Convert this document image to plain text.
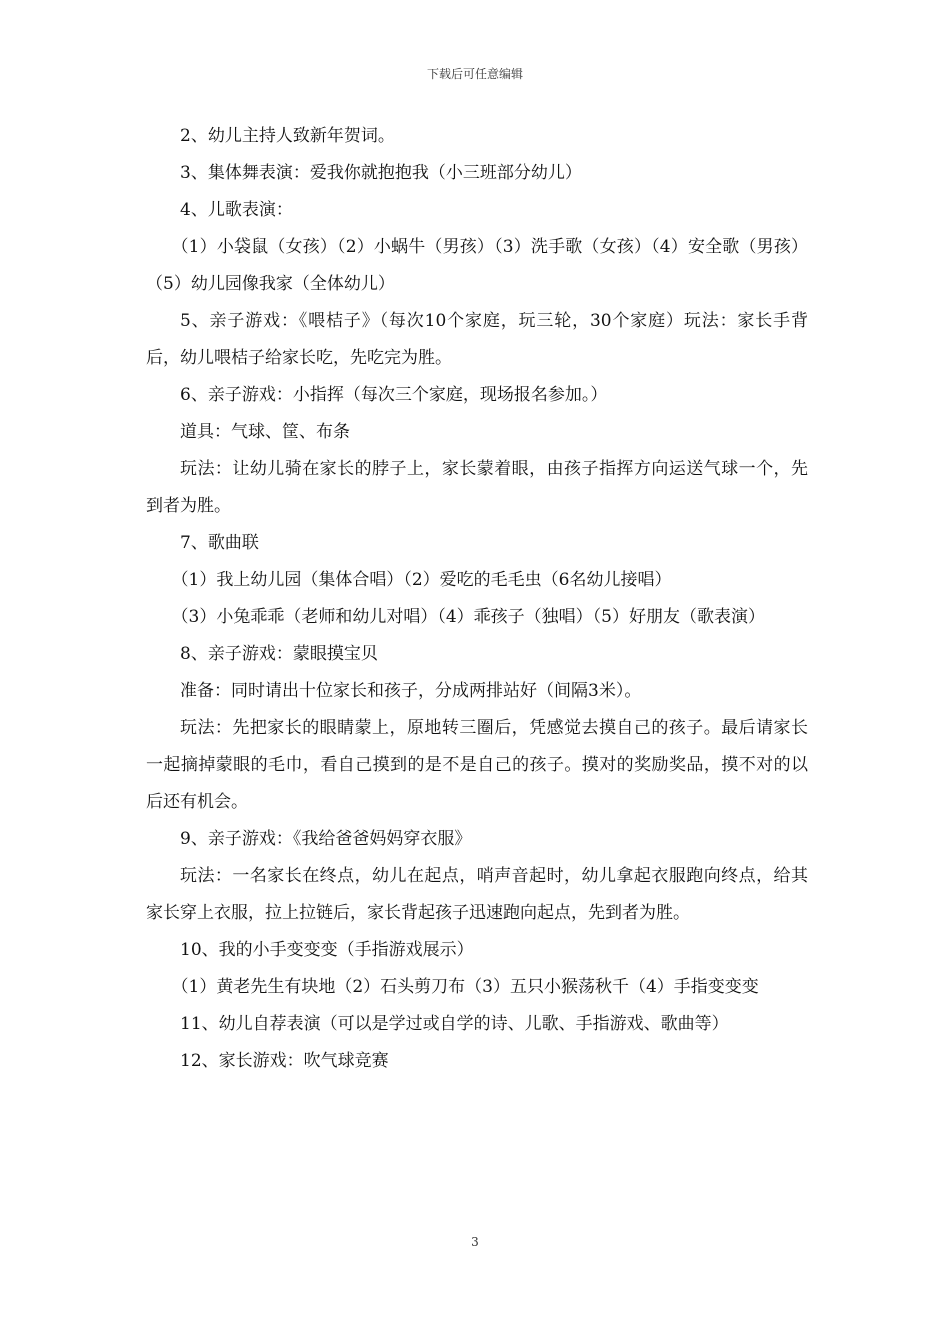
下载后可任意编辑

2、幼儿主持人致新年贺词。

3、集体舞表演：爱我你就抱抱我（小三班部分幼儿）

4、儿歌表演：

（1）小袋鼠（女孩）（2）小蜗牛（男孩）（3）洗手歌（女孩）（4）安全歌（男孩）（5）幼儿园像我家（全体幼儿）

5、亲子游戏：《喂桔子》（每次10个家庭，玩三轮，30个家庭）玩法：家长手背后，幼儿喂桔子给家长吃，先吃完为胜。

6、亲子游戏：小指挥（每次三个家庭，现场报名参加。）

道具：气球、筐、布条

玩法：让幼儿骑在家长的脖子上，家长蒙着眼，由孩子指挥方向运送气球一个，先到者为胜。

7、歌曲联

（1）我上幼儿园（集体合唱）（2）爱吃的毛毛虫（6名幼儿接唱）

（3）小兔乖乖（老师和幼儿对唱）（4）乖孩子（独唱）（5）好朋友（歌表演）

8、亲子游戏：蒙眼摸宝贝

准备：同时请出十位家长和孩子，分成两排站好（间隔3米）。

玩法：先把家长的眼睛蒙上，原地转三圈后，凭感觉去摸自己的孩子。最后请家长一起摘掉蒙眼的毛巾，看自己摸到的是不是自己的孩子。摸对的奖励奖品，摸不对的以后还有机会。

9、亲子游戏：《我给爸爸妈妈穿衣服》

玩法：一名家长在终点，幼儿在起点，哨声音起时，幼儿拿起衣服跑向终点，给其家长穿上衣服，拉上拉链后，家长背起孩子迅速跑向起点，先到者为胜。

10、我的小手变变变（手指游戏展示）

（1）黄老先生有块地（2）石头剪刀布（3）五只小猴荡秋千（4）手指变变变

11、幼儿自荐表演（可以是学过或自学的诗、儿歌、手指游戏、歌曲等）

12、家长游戏：吹气球竞赛

3
